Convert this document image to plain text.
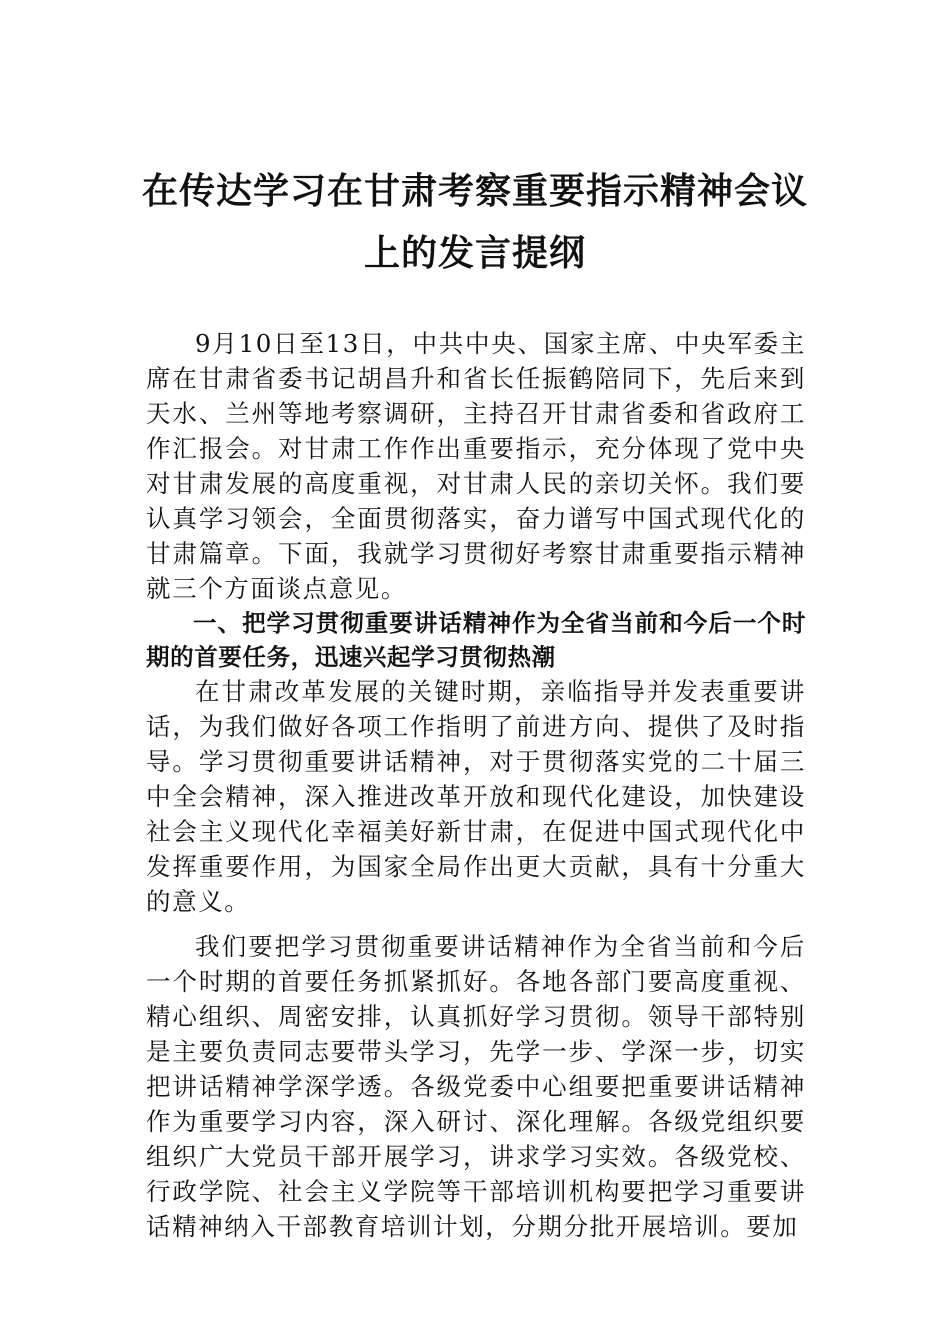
在传达学习在甘肃考察重要指示精神会议
上的发言提纲

9月10日至13日，中共中央、国家主席、中央军委主席在甘肃省委书记胡昌升和省长任振鹤陪同下，先后来到天水、兰州等地考察调研，主持召开甘肃省委和省政府工作汇报会。对甘肃工作作出重要指示，充分体现了党中央对甘肃发展的高度重视，对甘肃人民的亲切关怀。我们要认真学习领会，全面贯彻落实，奋力谱写中国式现代化的甘肃篇章。下面，我就学习贯彻好考察甘肃重要指示精神就三个方面谈点意见。

一、把学习贯彻重要讲话精神作为全省当前和今后一个时期的首要任务，迅速兴起学习贯彻热潮

在甘肃改革发展的关键时期，亲临指导并发表重要讲话，为我们做好各项工作指明了前进方向、提供了及时指导。学习贯彻重要讲话精神，对于贯彻落实党的二十届三中全会精神，深入推进改革开放和现代化建设，加快建设社会主义现代化幸福美好新甘肃，在促进中国式现代化中发挥重要作用，为国家全局作出更大贡献，具有十分重大的意义。

我们要把学习贯彻重要讲话精神作为全省当前和今后一个时期的首要任务抓紧抓好。各地各部门要高度重视、精心组织、周密安排，认真抓好学习贯彻。领导干部特别是主要负责同志要带头学习，先学一步、学深一步，切实把讲话精神学深学透。各级党委中心组要把重要讲话精神作为重要学习内容，深入研讨、深化理解。各级党组织要组织广大党员干部开展学习，讲求学习实效。各级党校、行政学院、社会主义学院等干部培训机构要把学习重要讲话精神纳入干部教育培训计划，分期分批开展培训。要加
